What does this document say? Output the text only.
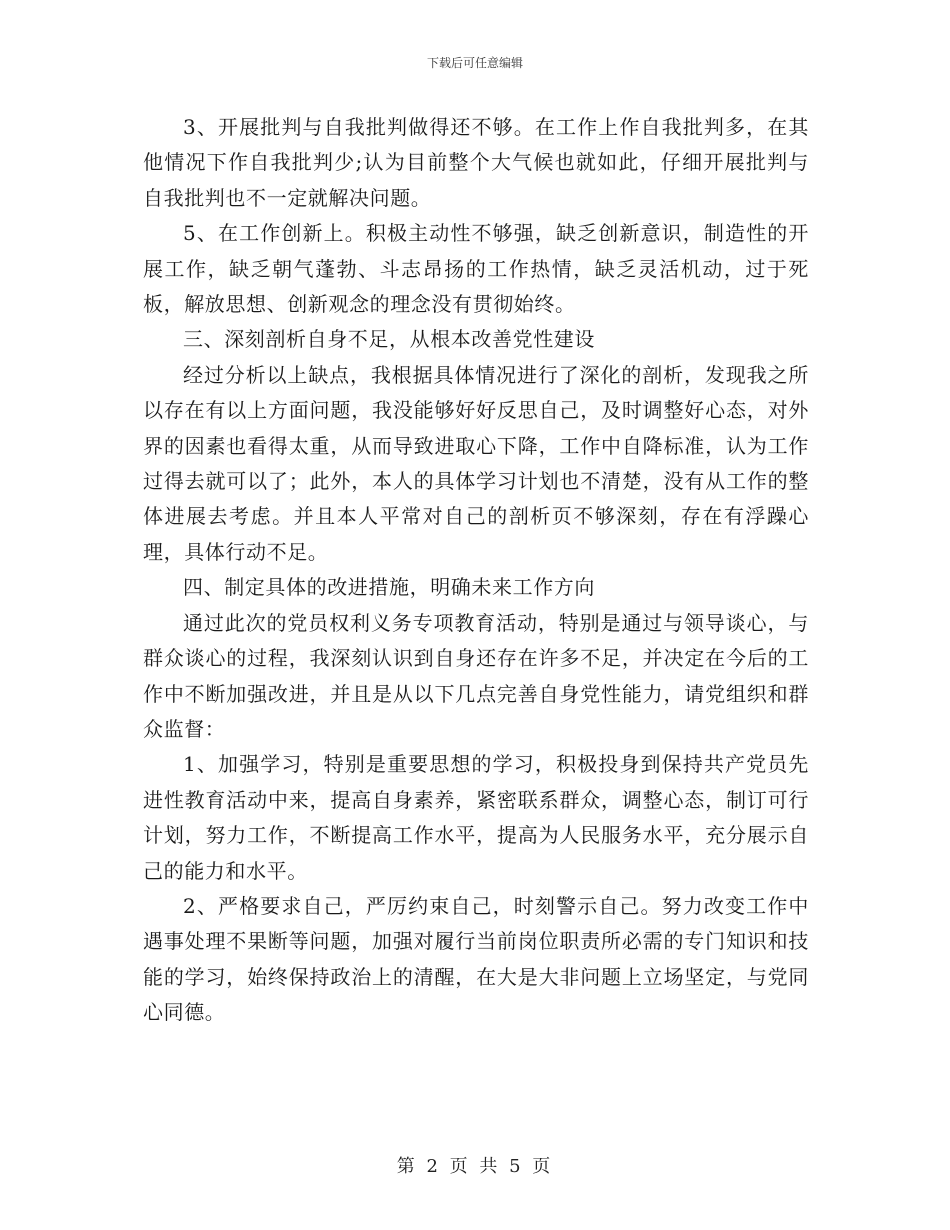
下载后可任意编辑

3、开展批判与自我批判做得还不够。在工作上作自我批判多，在其他情况下作自我批判少;认为目前整个大气候也就如此，仔细开展批判与自我批判也不一定就解决问题。

5、在工作创新上。积极主动性不够强，缺乏创新意识，制造性的开展工作，缺乏朝气蓬勃、斗志昂扬的工作热情，缺乏灵活机动，过于死板，解放思想、创新观念的理念没有贯彻始终。

三、深刻剖析自身不足，从根本改善党性建设

经过分析以上缺点，我根据具体情况进行了深化的剖析，发现我之所以存在有以上方面问题，我没能够好好反思自己，及时调整好心态，对外界的因素也看得太重，从而导致进取心下降，工作中自降标准，认为工作过得去就可以了；此外，本人的具体学习计划也不清楚，没有从工作的整体进展去考虑。并且本人平常对自己的剖析页不够深刻，存在有浮躁心理，具体行动不足。

四、制定具体的改进措施，明确未来工作方向

通过此次的党员权利义务专项教育活动，特别是通过与领导谈心，与群众谈心的过程，我深刻认识到自身还存在许多不足，并决定在今后的工作中不断加强改进，并且是从以下几点完善自身党性能力，请党组织和群众监督：

1、加强学习，特别是重要思想的学习，积极投身到保持共产党员先进性教育活动中来，提高自身素养，紧密联系群众，调整心态，制订可行计划，努力工作，不断提高工作水平，提高为人民服务水平，充分展示自己的能力和水平。

2、严格要求自己，严厉约束自己，时刻警示自己。努力改变工作中遇事处理不果断等问题，加强对履行当前岗位职责所必需的专门知识和技能的学习，始终保持政治上的清醒，在大是大非问题上立场坚定，与党同心同德。

第 2 页 共 5 页
